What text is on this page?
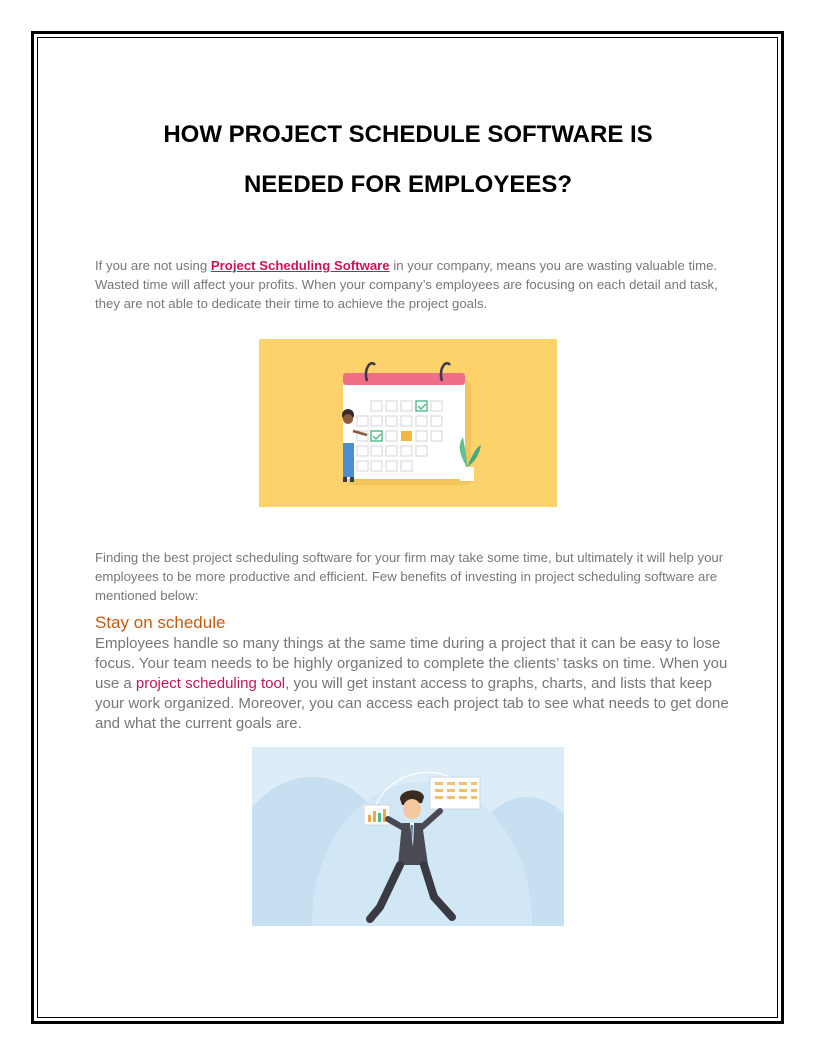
HOW PROJECT SCHEDULE SOFTWARE IS
NEEDED FOR EMPLOYEES?

If you are not using Project Scheduling Software in your company, means you are wasting valuable time. Wasted time will affect your profits. When your company’s employees are focusing on each detail and task, they are not able to dedicate their time to achieve the project goals.

Finding the best project scheduling software for your firm may take some time, but ultimately it will help your employees to be more productive and efficient. Few benefits of investing in project scheduling software are mentioned below:

Stay on schedule

Employees handle so many things at the same time during a project that it can be easy to lose focus. Your team needs to be highly organized to complete the clients’ tasks on time. When you use a project scheduling tool, you will get instant access to graphs, charts, and lists that keep your work organized. Moreover, you can access each project tab to see what needs to get done and what the current goals are.
